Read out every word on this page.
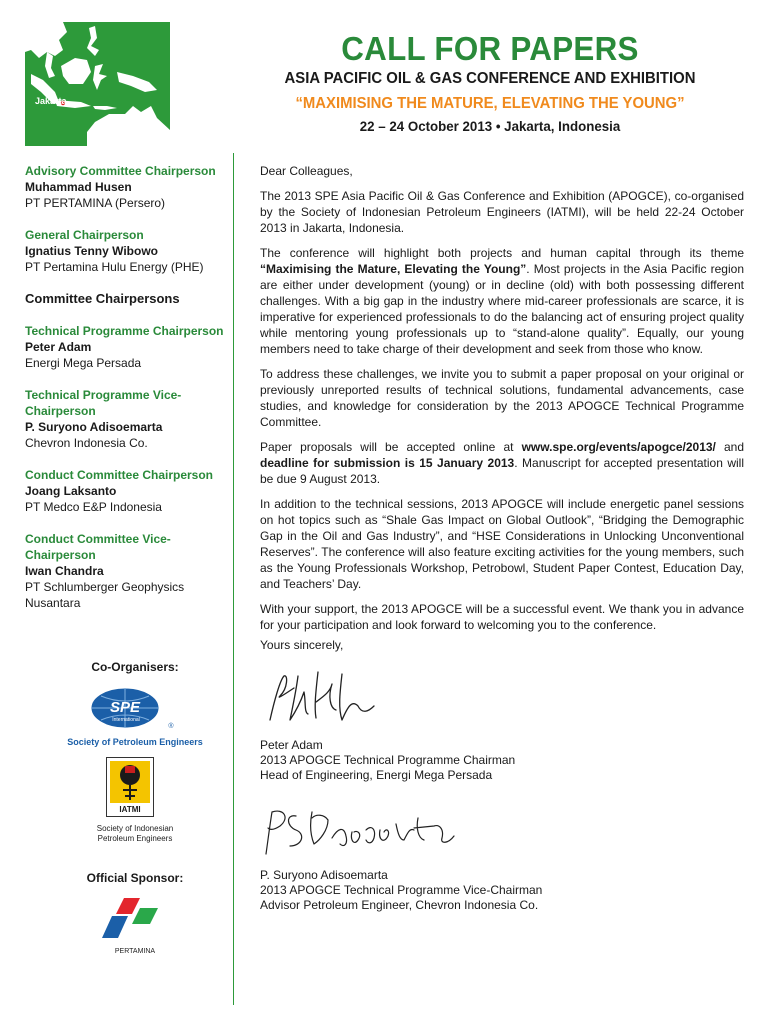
Jakarta
CALL FOR PAPERS
ASIA PACIFIC OIL & GAS CONFERENCE AND EXHIBITION
“MAXIMISING THE MATURE, ELEVATING THE YOUNG”
22 – 24 October 2013 • Jakarta, Indonesia
Advisory Committee Chairperson
Muhammad Husen
PT PERTAMINA (Persero)
General Chairperson
Ignatius Tenny Wibowo
PT Pertamina Hulu Energy (PHE)
Committee Chairpersons
Technical Programme Chairperson
Peter Adam
Energi Mega Persada
Technical Programme Vice-Chairperson
P. Suryono Adisoemarta
Chevron Indonesia Co.
Conduct Committee Chairperson
Joang Laksanto
PT Medco E&P Indonesia
Conduct Committee Vice-Chairperson
Iwan Chandra
PT Schlumberger Geophysics Nusantara
Co-Organisers:
SPE
International
®
Society of Petroleum Engineers
IATMI
Society of Indonesian
Petroleum Engineers
Official Sponsor:
PERTAMINA

Dear Colleagues,

The 2013 SPE Asia Pacific Oil & Gas Conference and Exhibition (APOGCE), co-organised by the Society of Indonesian Petroleum Engineers (IATMI), will be held 22-24 October 2013 in Jakarta, Indonesia.

The conference will highlight both projects and human capital through its theme “Maximising the Mature, Elevating the Young”. Most projects in the Asia Pacific region are either under development (young) or in decline (old) with both possessing different challenges. With a big gap in the industry where mid-career professionals are scarce, it is imperative for experienced professionals to do the balancing act of ensuring project quality while mentoring young professionals up to “stand-alone quality”. Equally, our young members need to take charge of their development and seek from those who know.

To address these challenges, we invite you to submit a paper proposal on your original or previously unreported results of technical solutions, fundamental advancements, case studies, and knowledge for consideration by the 2013 APOGCE Technical Programme Committee.

Paper proposals will be accepted online at www.spe.org/events/apogce/2013/ and deadline for submission is 15 January 2013. Manuscript for accepted presentation will be due 9 August 2013.

In addition to the technical sessions, 2013 APOGCE will include energetic panel sessions on hot topics such as “Shale Gas Impact on Global Outlook”, “Bridging the Demographic Gap in the Oil and Gas Industry”, and “HSE Considerations in Unlocking Unconventional Reserves”. The conference will also feature exciting activities for the young members, such as the Young Professionals Workshop, Petrobowl, Student Paper Contest, Education Day, and Teachers’ Day.

With your support, the 2013 APOGCE will be a successful event. We thank you in advance for your participation and look forward to welcoming you to the conference.

Yours sincerely,
Peter Adam
2013 APOGCE Technical Programme Chairman
Head of Engineering, Energi Mega Persada
P. Suryono Adisoemarta
2013 APOGCE Technical Programme Vice-Chairman
Advisor Petroleum Engineer, Chevron Indonesia Co.
